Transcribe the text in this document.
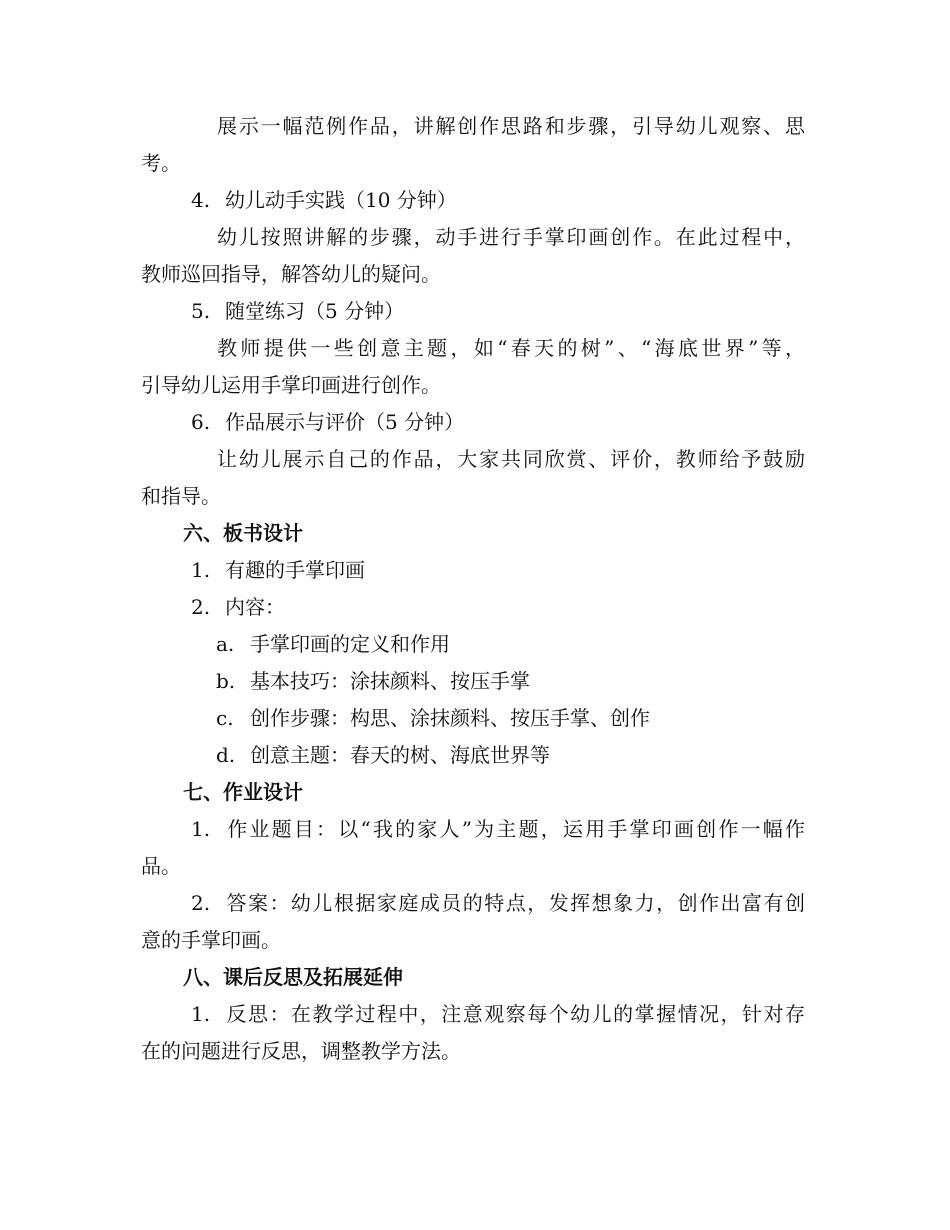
展示一幅范例作品，讲解创作思路和步骤，引导幼儿观察、思
考。
4. 幼儿动手实践（10 分钟）
幼儿按照讲解的步骤，动手进行手掌印画创作。在此过程中，
教师巡回指导，解答幼儿的疑问。
5. 随堂练习（5 分钟）
教师提供一些创意主题，如“春天的树”、“海底世界”等，
引导幼儿运用手掌印画进行创作。
6. 作品展示与评价（5 分钟）
让幼儿展示自己的作品，大家共同欣赏、评价，教师给予鼓励
和指导。
六、板书设计
1. 有趣的手掌印画
2. 内容：
a. 手掌印画的定义和作用
b. 基本技巧：涂抹颜料、按压手掌
c. 创作步骤：构思、涂抹颜料、按压手掌、创作
d. 创意主题：春天的树、海底世界等
七、作业设计
1. 作业题目：以“我的家人”为主题，运用手掌印画创作一幅作
品。
2. 答案：幼儿根据家庭成员的特点，发挥想象力，创作出富有创
意的手掌印画。
八、课后反思及拓展延伸
1. 反思：在教学过程中，注意观察每个幼儿的掌握情况，针对存
在的问题进行反思，调整教学方法。
